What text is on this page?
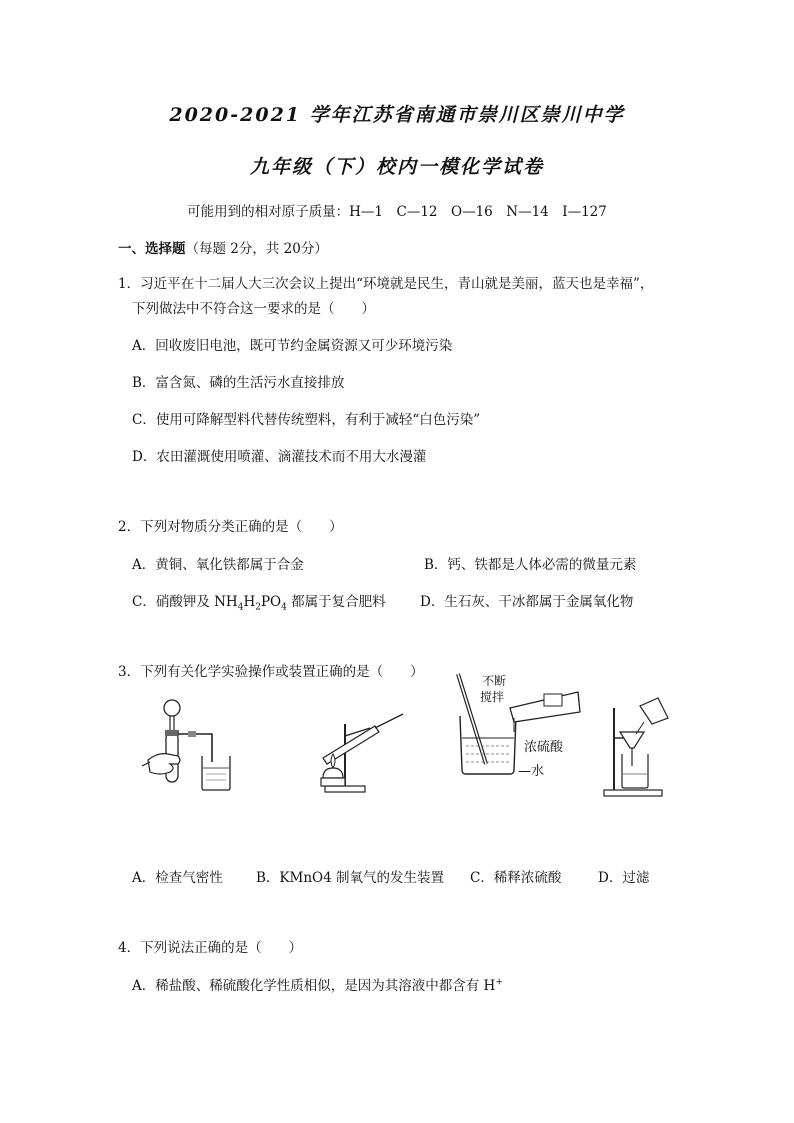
2020-2021 学年江苏省南通市崇川区崇川中学
九年级（下）校内一模化学试卷
可能用到的相对原子质量：H—1　C—12　O—16　N—14　I—127
一、选择题（每题 2分，共 20分）
1．习近平在十二届人大三次会议上提出“环境就是民生，青山就是美丽，蓝天也是幸福”，
下列做法中不符合这一要求的是（　　）
A．回收废旧电池，既可节约金属资源又可少环境污染
B．富含氮、磷的生活污水直接排放
C．使用可降解型料代替传统塑料，有利于减轻“白色污染”
D．农田灌溉使用喷灌、滴灌技术而不用大水漫灌
2．下列对物质分类正确的是（　　）
A．黄铜、氧化铁都属于合金	B．钙、铁都是人体必需的微量元素
C．硝酸钾及 $NH_4H_2PO_4$ 都属于复合肥料	D．生石灰、干冰都属于金属氧化物
3．下列有关化学实验操作或装置正确的是（　　）
不断
搅拌
浓硫酸
—水
A．检查气密性 B．KMnO4 制氧气的发生装置 C．稀释浓硫酸	D．过滤
4．下列说法正确的是（　　）
A．稀盐酸、稀硫酸化学性质相似，是因为其溶液中都含有 H+
